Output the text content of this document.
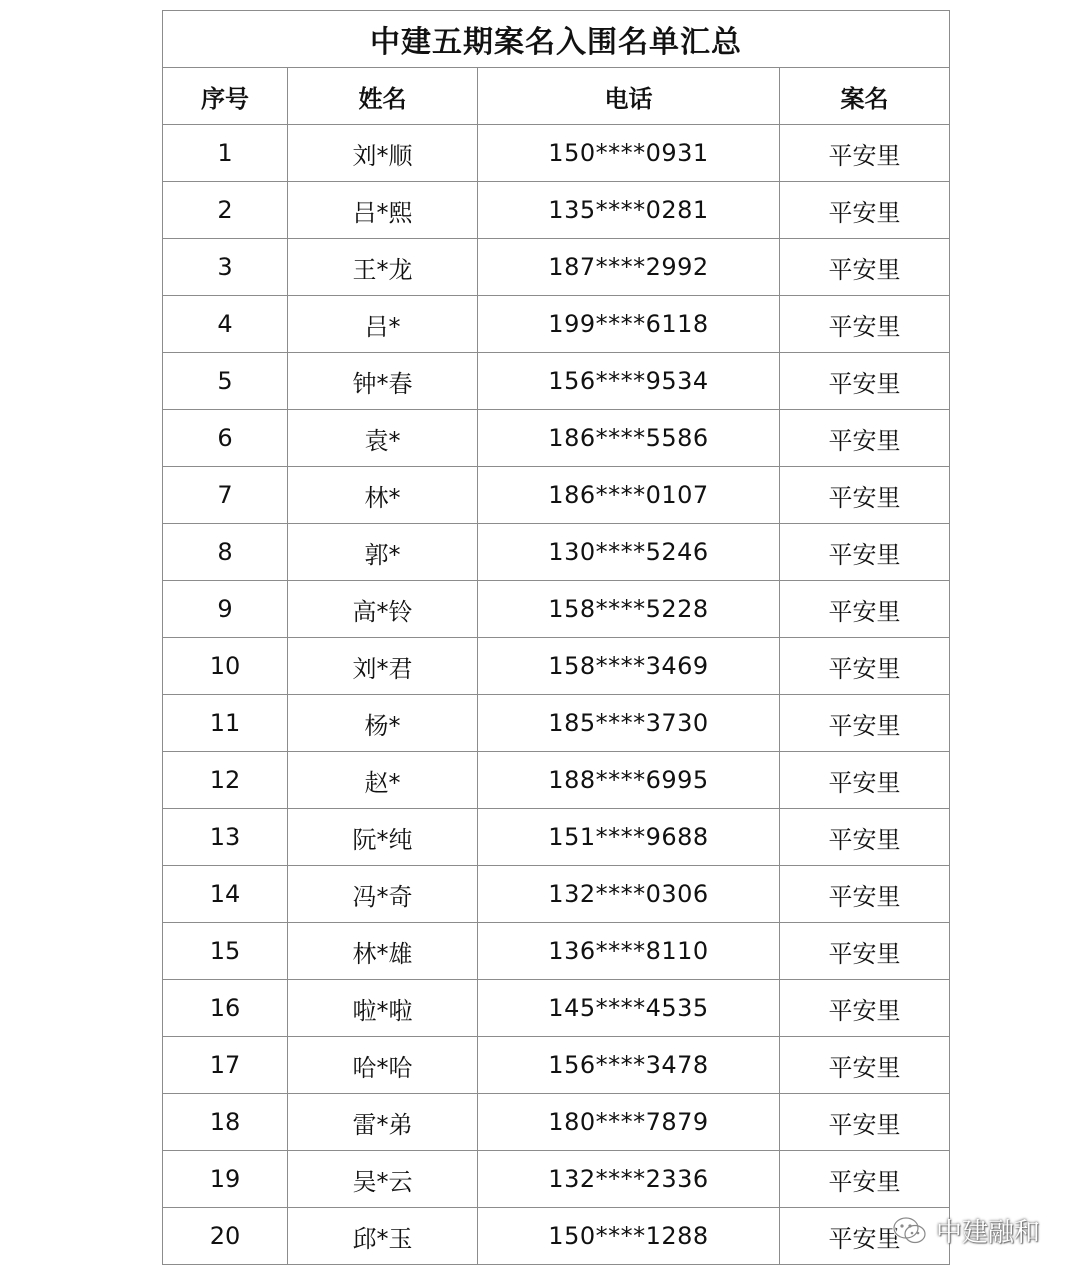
中建五期案名入围名单汇总			
序号	姓名	电话	案名
1	刘*顺	150****0931	平安里
2	吕*熙	135****0281	平安里
3	王*龙	187****2992	平安里
4	吕*	199****6118	平安里
5	钟*春	156****9534	平安里
6	袁*	186****5586	平安里
7	林*	186****0107	平安里
8	郭*	130****5246	平安里
9	高*铃	158****5228	平安里
10	刘*君	158****3469	平安里
11	杨*	185****3730	平安里
12	赵*	188****6995	平安里
13	阮*纯	151****9688	平安里
14	冯*奇	132****0306	平安里
15	林*雄	136****8110	平安里
16	啦*啦	145****4535	平安里
17	哈*哈	156****3478	平安里
18	雷*弟	180****7879	平安里
19	吴*云	132****2336	平安里
20	邱*玉	150****1288	平安里 中建融和
